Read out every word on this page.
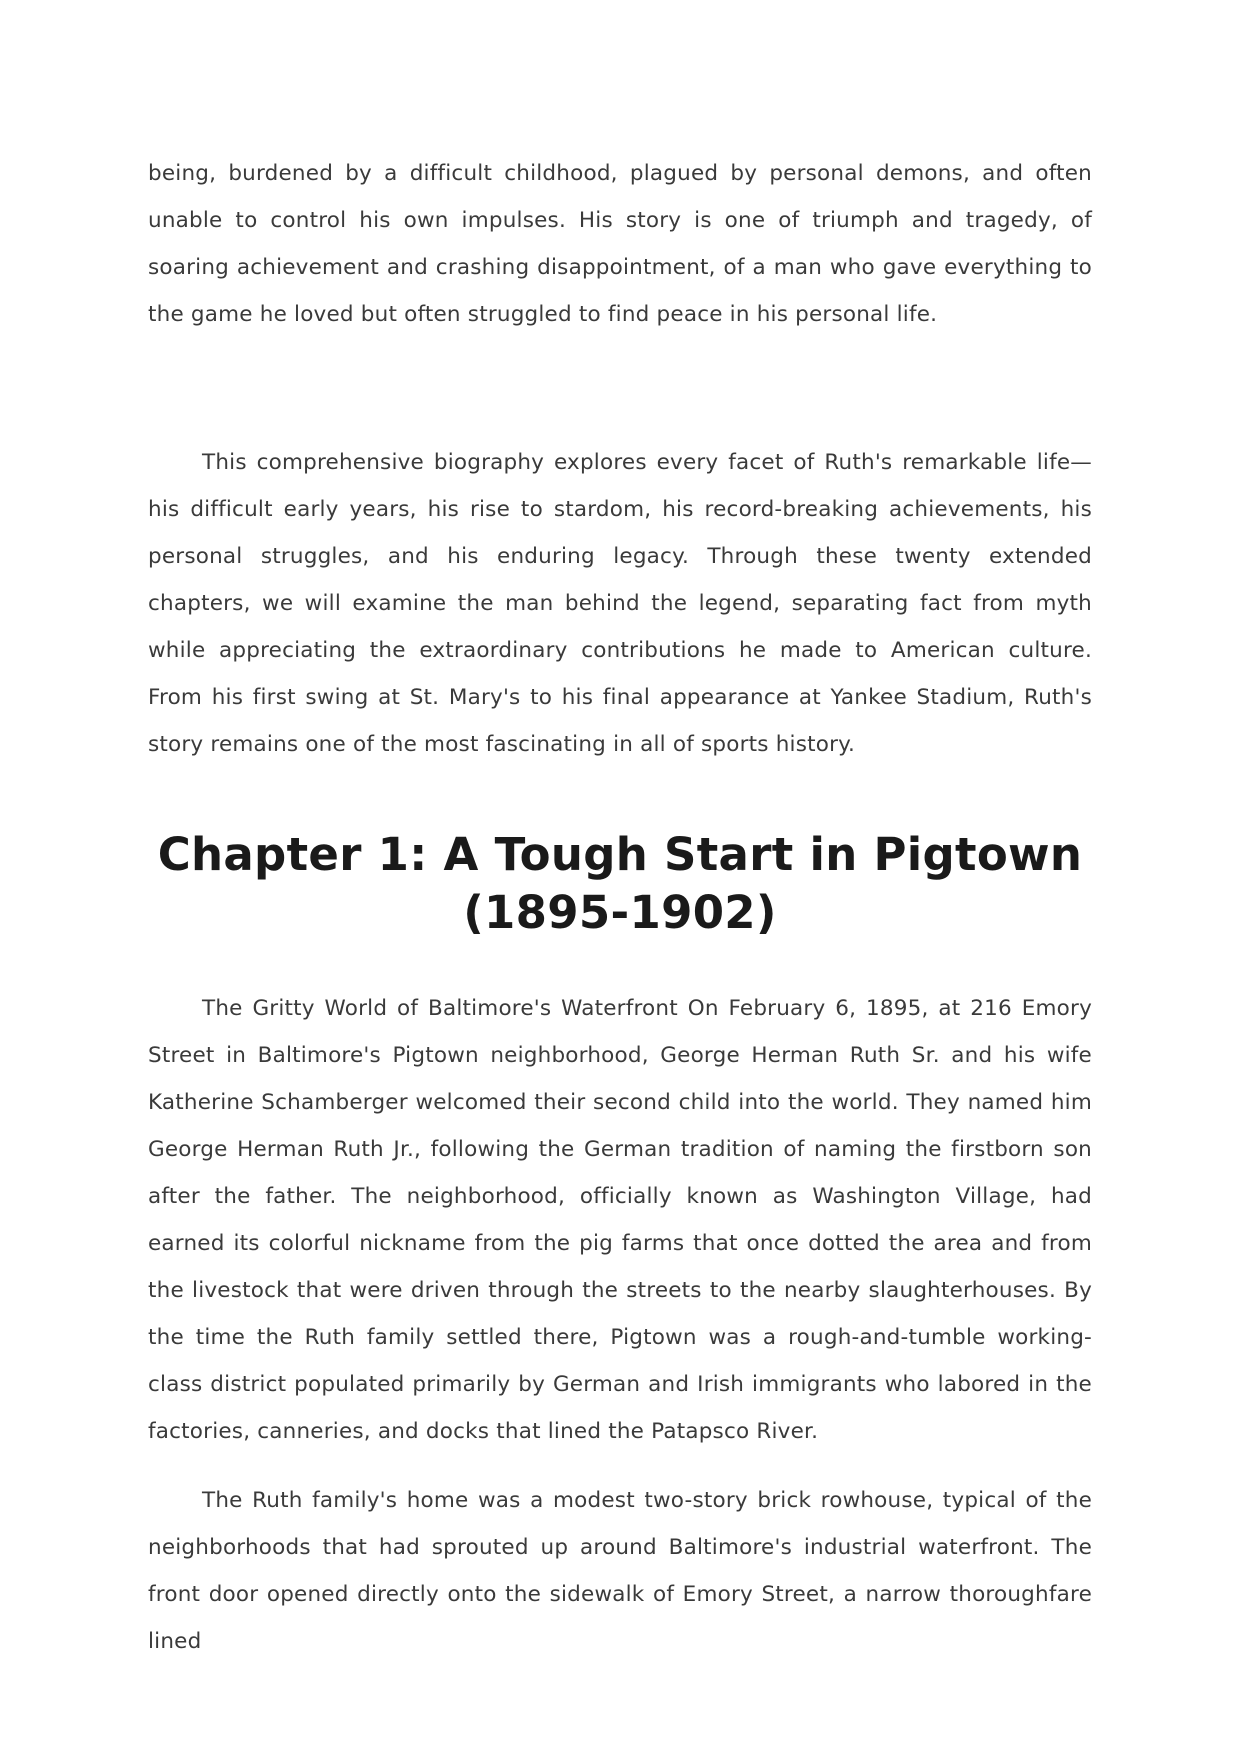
being, burdened by a difficult childhood, plagued by personal demons, and often unable to control his own impulses. His story is one of triumph and tragedy, of soaring achievement and crashing disappointment, of a man who gave everything to the game he loved but often struggled to find peace in his personal life.

This comprehensive biography explores every facet of Ruth's remarkable life—his difficult early years, his rise to stardom, his record-breaking achievements, his personal struggles, and his enduring legacy. Through these twenty extended chapters, we will examine the man behind the legend, separating fact from myth while appreciating the extraordinary contributions he made to American culture. From his first swing at St. Mary's to his final appearance at Yankee Stadium, Ruth's story remains one of the most fascinating in all of sports history.

Chapter 1: A Tough Start in Pigtown
(1895-1902)

The Gritty World of Baltimore's Waterfront On February 6, 1895, at 216 Emory Street in Baltimore's Pigtown neighborhood, George Herman Ruth Sr. and his wife Katherine Schamberger welcomed their second child into the world. They named him George Herman Ruth Jr., following the German tradition of naming the firstborn son after the father. The neighborhood, officially known as Washington Village, had earned its colorful nickname from the pig farms that once dotted the area and from the livestock that were driven through the streets to the nearby slaughterhouses. By the time the Ruth family settled there, Pigtown was a rough-and-tumble working-class district populated primarily by German and Irish immigrants who labored in the factories, canneries, and docks that lined the Patapsco River.

The Ruth family's home was a modest two-story brick rowhouse, typical of the neighborhoods that had sprouted up around Baltimore's industrial waterfront. The front door opened directly onto the sidewalk of Emory Street, a narrow thoroughfare lined
